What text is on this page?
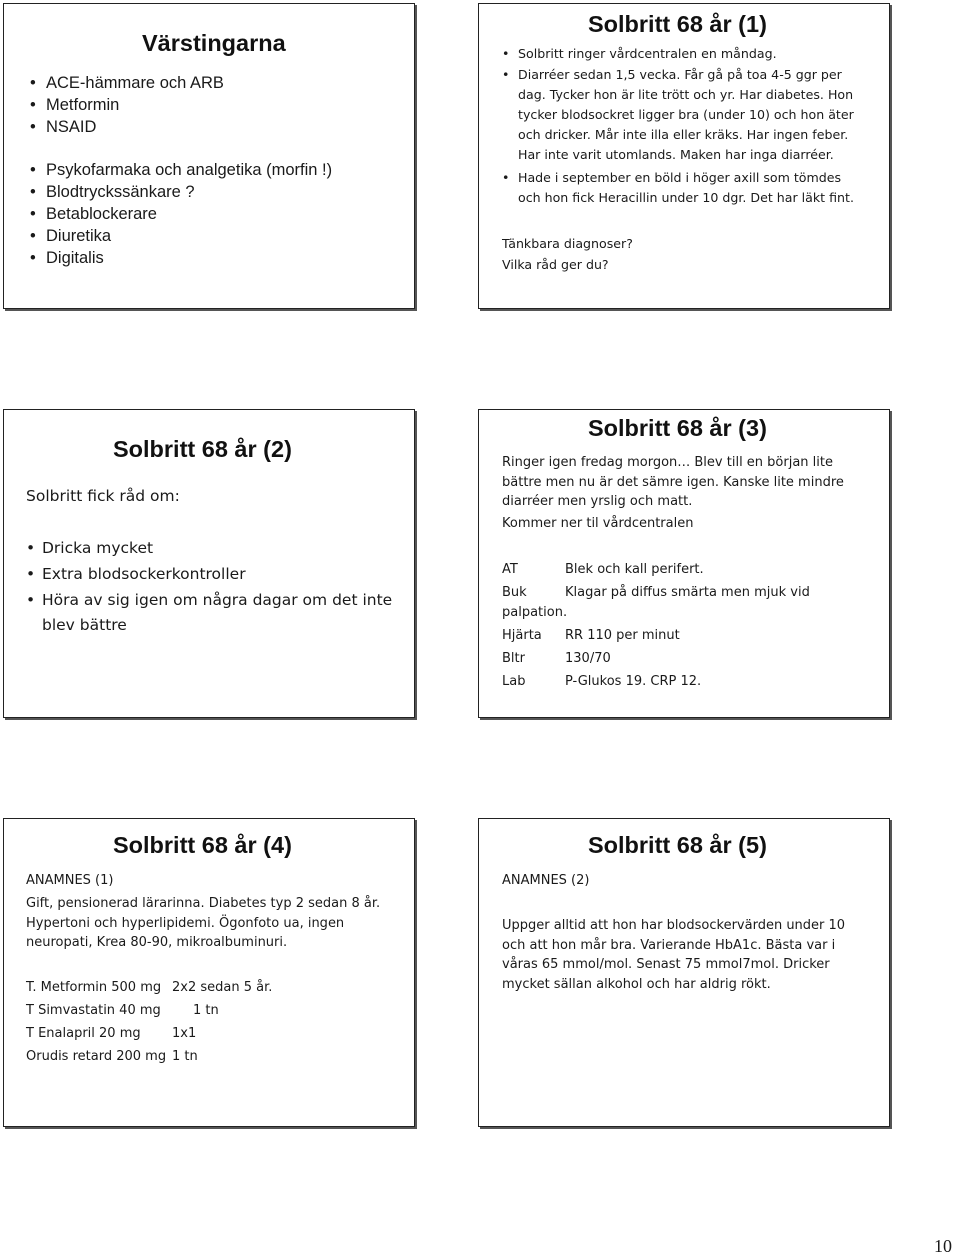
Värstingarna
• ACE-hämmare och ARB
• Metformin
• NSAID
• Psykofarmaka och analgetika (morfin !)
• Blodtryckssänkare ?
• Betablockerare
• Diuretika
• Digitalis
Solbritt 68 år (1)
• Solbritt ringer vårdcentralen en måndag.
• Diarréer sedan 1,5 vecka. Får gå på toa 4-5 ggr per
dag. Tycker hon är lite trött och yr. Har diabetes. Hon
tycker blodsockret ligger bra (under 10) och hon äter
och dricker. Mår inte illa eller kräks. Har ingen feber.
Har inte varit utomlands. Maken har inga diarréer.
• Hade i september en böld i höger axill som tömdes
och hon fick Heracillin under 10 dgr. Det har läkt fint.
Tänkbara diagnoser?
Vilka råd ger du?
Solbritt 68 år (2)
Solbritt fick råd om:
• Dricka mycket
• Extra blodsockerkontroller
• Höra av sig igen om några dagar om det inte
blev bättre
Solbritt 68 år (3)
Ringer igen fredag morgon… Blev till en början lite
bättre men nu är det sämre igen. Kanske lite mindre
diarréer men yrslig och matt.
Kommer ner til vårdcentralen
AT	Blek och kall perifert.
Buk	Klagar på diffus smärta men mjuk vid
palpation.
Hjärta RR 110 per minut
Bltr	130/70
Lab	P-Glukos 19. CRP 12.
Solbritt 68 år (4)
ANAMNES (1)
Gift, pensionerad lärarinna. Diabetes typ 2 sedan 8 år.
Hypertoni och hyperlipidemi. Ögonfoto ua, ingen
neuropati, Krea 80-90, mikroalbuminuri.
T. Metformin 500 mg 2x2 sedan 5 år.
T Simvastatin 40 mg 1 tn
T Enalapril 20 mg 1x1
Orudis retard 200 mg 1 tn
Solbritt 68 år (5)
ANAMNES (2)
Uppger alltid att hon har blodsockervärden under 10
och att hon mår bra. Varierande HbA1c. Bästa var i
våras 65 mmol/mol. Senast 75 mmol7mol. Dricker
mycket sällan alkohol och har aldrig rökt.
10
